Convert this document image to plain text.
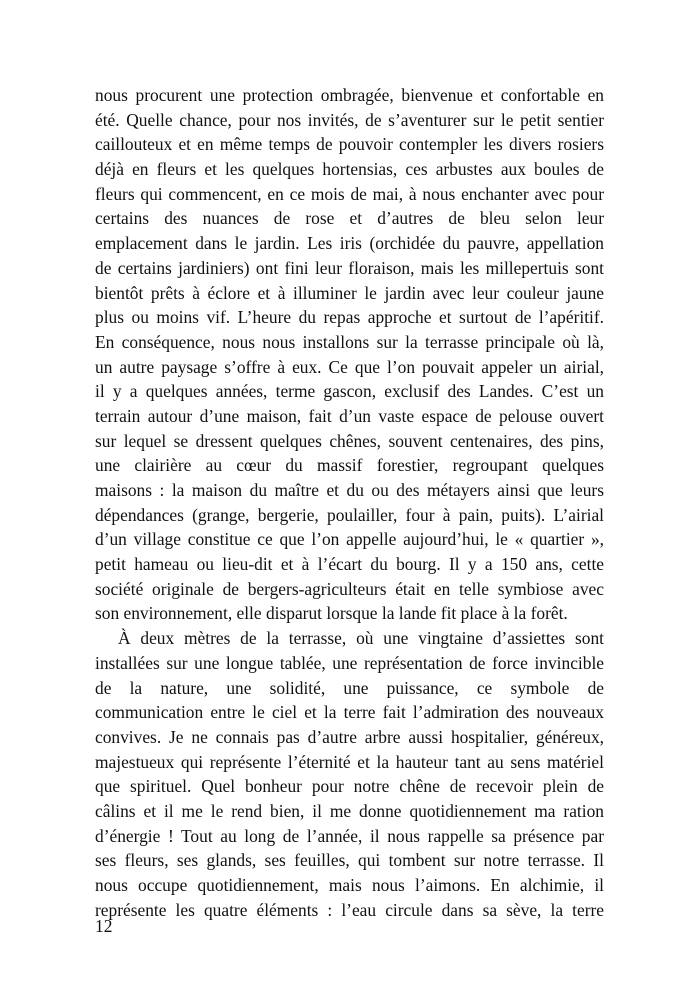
nous procurent une protection ombragée, bienvenue et confortable en
été. Quelle chance, pour nos invités, de s’aventurer sur le petit sentier
caillouteux et en même temps de pouvoir contempler les divers rosiers
déjà en fleurs et les quelques hortensias, ces arbustes aux boules de
fleurs qui commencent, en ce mois de mai, à nous enchanter avec pour
certains des nuances de rose et d’autres de bleu selon leur
emplacement dans le jardin. Les iris (orchidée du pauvre, appellation
de certains jardiniers) ont fini leur floraison, mais les millepertuis sont
bientôt prêts à éclore et à illuminer le jardin avec leur couleur jaune
plus ou moins vif. L’heure du repas approche et surtout de l’apéritif.
En conséquence, nous nous installons sur la terrasse principale où là,
un autre paysage s’offre à eux. Ce que l’on pouvait appeler un airial,
il y a quelques années, terme gascon, exclusif des Landes. C’est un
terrain autour d’une maison, fait d’un vaste espace de pelouse ouvert
sur lequel se dressent quelques chênes, souvent centenaires, des pins,
une clairière au cœur du massif forestier, regroupant quelques
maisons : la maison du maître et du ou des métayers ainsi que leurs
dépendances (grange, bergerie, poulailler, four à pain, puits). L’airial
d’un village constitue ce que l’on appelle aujourd’hui, le « quartier »,
petit hameau ou lieu-dit et à l’écart du bourg. Il y a 150 ans, cette
société originale de bergers-agriculteurs était en telle symbiose avec
son environnement, elle disparut lorsque la lande fit place à la forêt.
À deux mètres de la terrasse, où une vingtaine d’assiettes sont
installées sur une longue tablée, une représentation de force invincible
de la nature, une solidité, une puissance, ce symbole de
communication entre le ciel et la terre fait l’admiration des nouveaux
convives. Je ne connais pas d’autre arbre aussi hospitalier, généreux,
majestueux qui représente l’éternité et la hauteur tant au sens matériel
que spirituel. Quel bonheur pour notre chêne de recevoir plein de
câlins et il me le rend bien, il me donne quotidiennement ma ration
d’énergie ! Tout au long de l’année, il nous rappelle sa présence par
ses fleurs, ses glands, ses feuilles, qui tombent sur notre terrasse. Il
nous occupe quotidiennement, mais nous l’aimons. En alchimie, il
représente les quatre éléments : l’eau circule dans sa sève, la terre
12
